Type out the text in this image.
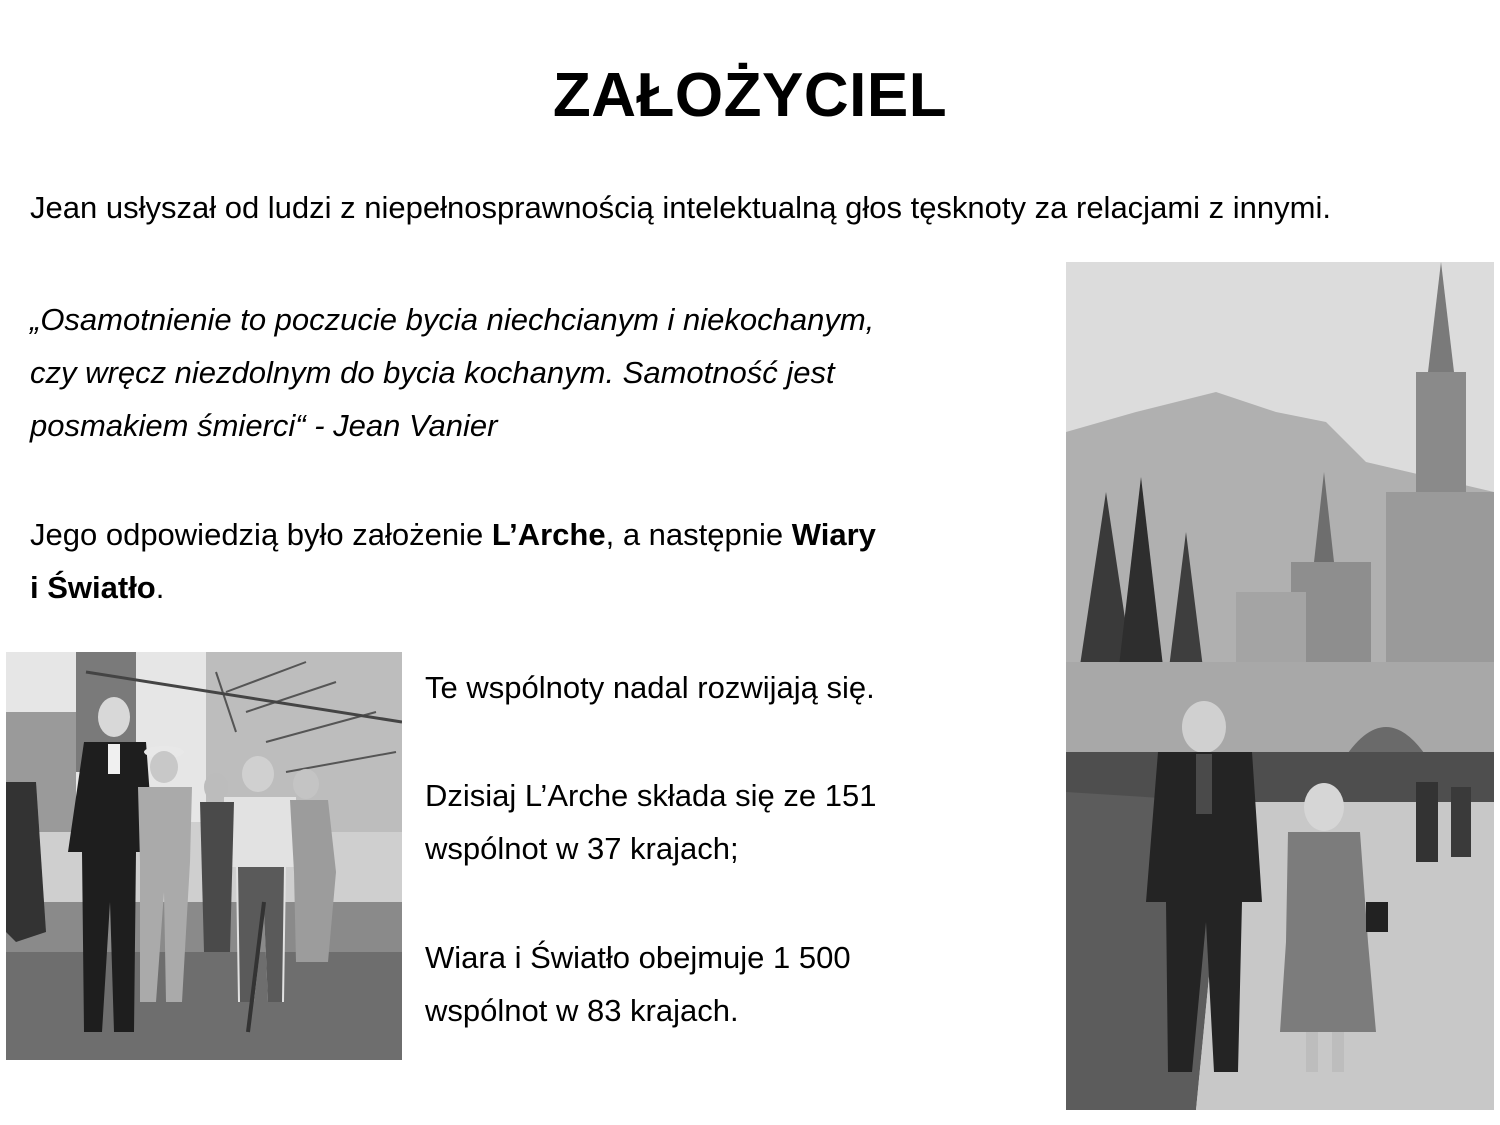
ZAŁOŻYCIEL
Jean usłyszał od ludzi z niepełnosprawnością intelektualną głos tęsknoty za relacjami z innymi.
„Osamotnienie to poczucie bycia niechcianym i niekochanym,
czy wręcz niezdolnym do bycia kochanym. Samotność jest
posmakiem śmierci“ - Jean Vanier
Jego odpowiedzią było założenie L’Arche, a następnie Wiary
i Światło.
Te wspólnoty nadal rozwijają się.
Dzisiaj L’Arche składa się ze 151
wspólnot w 37 krajach;
Wiara i Światło obejmuje 1 500
wspólnot w 83 krajach.
